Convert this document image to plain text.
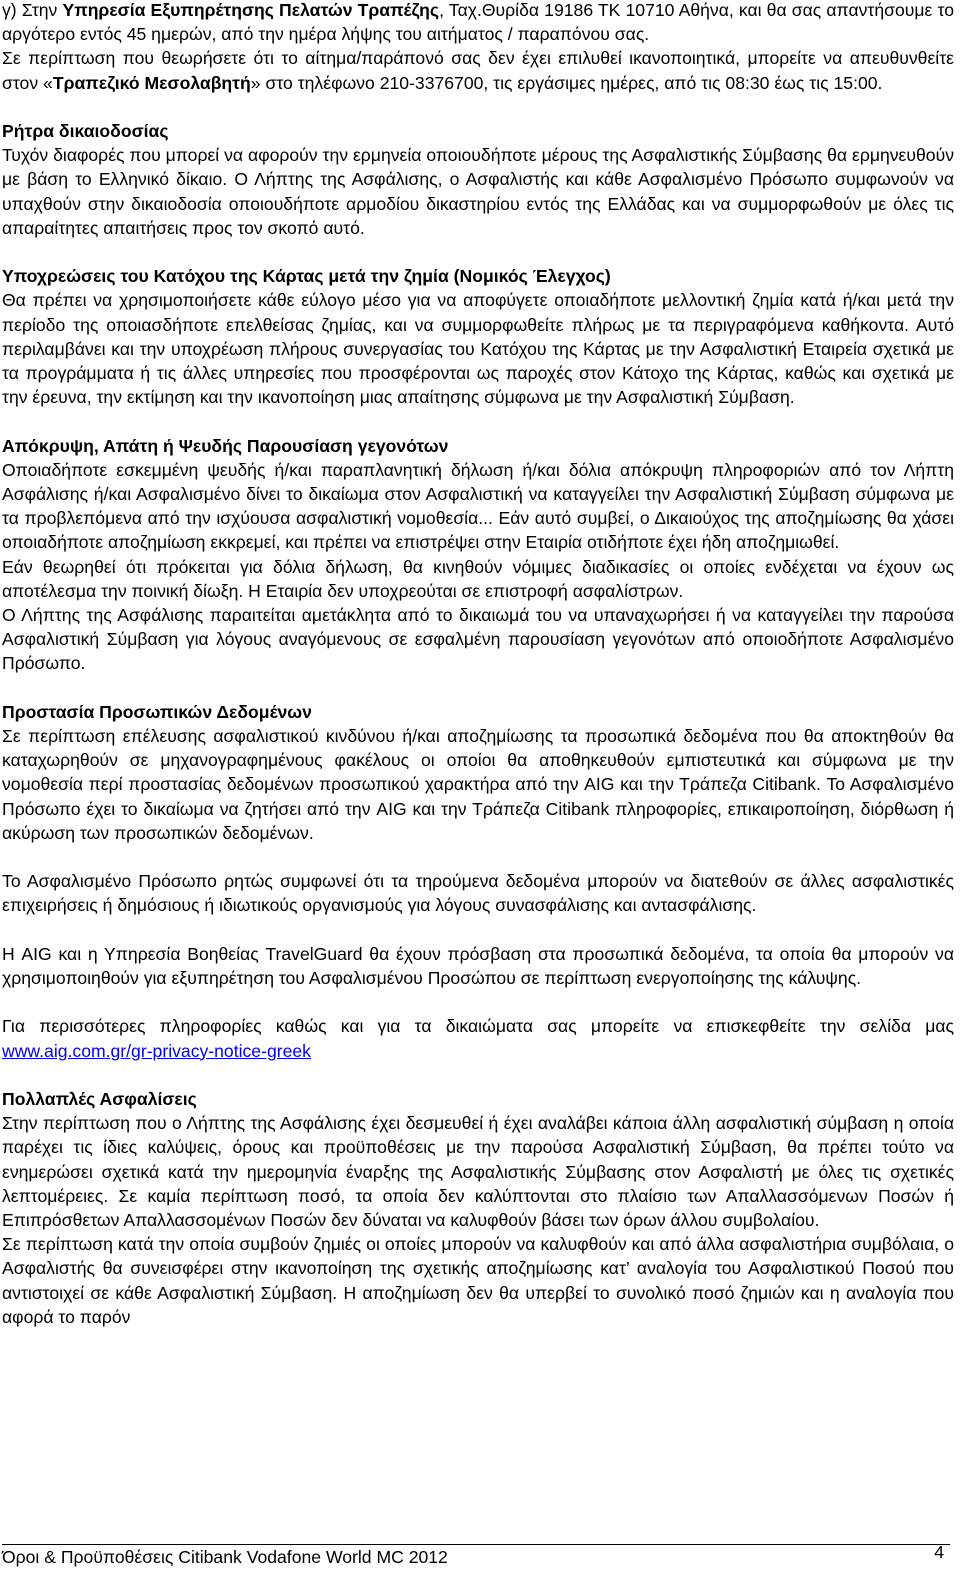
γ) Στην Υπηρεσία Εξυπηρέτησης Πελατών Τραπέζης, Ταχ.Θυρίδα 19186 ΤΚ 10710 Αθήνα, και θα σας απαντήσουμε το αργότερο εντός 45 ημερών, από την ημέρα λήψης του αιτήματος / παραπόνου σας.

Σε περίπτωση που θεωρήσετε ότι το αίτημα/παράπονό σας δεν έχει επιλυθεί ικανοποιητικά, μπορείτε να απευθυνθείτε στον «Τραπεζικό Μεσολαβητή» στο τηλέφωνο 210-3376700, τις εργάσιμες ημέρες, από τις 08:30 έως τις 15:00.

Ρήτρα δικαιοδοσίας

Τυχόν διαφορές που μπορεί να αφορούν την ερμηνεία οποιουδήποτε μέρους της Ασφαλιστικής Σύμβασης θα ερμηνευθούν με βάση το Ελληνικό δίκαιο. Ο Λήπτης της Ασφάλισης, ο Ασφαλιστής και κάθε Ασφαλισμένο Πρόσωπο συμφωνούν να υπαχθούν στην δικαιοδοσία οποιουδήποτε αρμοδίου δικαστηρίου εντός της Ελλάδας και να συμμορφωθούν με όλες τις απαραίτητες απαιτήσεις προς τον σκοπό αυτό.

Υποχρεώσεις του Κατόχου της Κάρτας μετά την ζημία (Νομικός Έλεγχος)

Θα πρέπει να χρησιμοποιήσετε κάθε εύλογο μέσο για να αποφύγετε οποιαδήποτε μελλοντική ζημία κατά ή/και μετά την περίοδο της οποιασδήποτε επελθείσας ζημίας, και να συμμορφωθείτε πλήρως με τα περιγραφόμενα καθήκοντα. Αυτό περιλαμβάνει και την υποχρέωση πλήρους συνεργασίας του Κατόχου της Κάρτας με την Ασφαλιστική Εταιρεία σχετικά με τα προγράμματα ή τις άλλες υπηρεσίες που προσφέρονται ως παροχές στον Κάτοχο της Κάρτας, καθώς και σχετικά με την έρευνα, την εκτίμηση και την ικανοποίηση μιας απαίτησης σύμφωνα με την Ασφαλιστική Σύμβαση.

Απόκρυψη, Απάτη ή Ψευδής Παρουσίαση γεγονότων

Οποιαδήποτε εσκεμμένη ψευδής ή/και παραπλανητική δήλωση ή/και δόλια απόκρυψη πληροφοριών από τον Λήπτη Ασφάλισης ή/και Ασφαλισμένο δίνει το δικαίωμα στον Ασφαλιστική να καταγγείλει την Ασφαλιστική Σύμβαση σύμφωνα με τα προβλεπόμενα από την ισχύουσα ασφαλιστική νομοθεσία... Εάν αυτό συμβεί, ο Δικαιούχος της αποζημίωσης θα χάσει οποιαδήποτε αποζημίωση εκκρεμεί, και πρέπει να επιστρέψει στην Εταιρία οτιδήποτε έχει ήδη αποζημιωθεί.

Εάν θεωρηθεί ότι πρόκειται για δόλια δήλωση, θα κινηθούν νόμιμες διαδικασίες οι οποίες ενδέχεται να έχουν ως αποτέλεσμα την ποινική δίωξη. Η Εταιρία δεν υποχρεούται σε επιστροφή ασφαλίστρων.

Ο Λήπτης της Ασφάλισης παραιτείται αμετάκλητα από το δικαιωμά του να υπαναχωρήσει ή να καταγγείλει την παρούσα Ασφαλιστική Σύμβαση για λόγους αναγόμενους σε εσφαλμένη παρουσίαση γεγονότων από οποιοδήποτε Ασφαλισμένο Πρόσωπο.

Προστασία Προσωπικών Δεδομένων

Σε περίπτωση επέλευσης ασφαλιστικού κινδύνου ή/και αποζημίωσης τα προσωπικά δεδομένα που θα αποκτηθούν θα καταχωρηθούν σε μηχανογραφημένους φακέλους οι οποίοι θα αποθηκευθούν εμπιστευτικά και σύμφωνα με την νομοθεσία περί προστασίας δεδομένων προσωπικού χαρακτήρα από την AIG και την Τράπεζα Citibank. Το Ασφαλισμένο Πρόσωπο έχει το δικαίωμα να ζητήσει από την AIG και την Τράπεζα Citibank πληροφορίες, επικαιροποίηση, διόρθωση ή ακύρωση των προσωπικών δεδομένων.

Το Ασφαλισμένο Πρόσωπο ρητώς συμφωνεί ότι τα τηρούμενα δεδομένα μπορούν να διατεθούν σε άλλες ασφαλιστικές επιχειρήσεις ή δημόσιους ή ιδιωτικούς οργανισμούς για λόγους συνασφάλισης και αντασφάλισης.

Η AIG και η Υπηρεσία Βοηθείας TravelGuard θα έχουν πρόσβαση στα προσωπικά δεδομένα, τα οποία θα μπορούν να χρησιμοποιηθούν για εξυπηρέτηση του Ασφαλισμένου Προσώπου σε περίπτωση ενεργοποίησης της κάλυψης.

Για περισσότερες πληροφορίες καθώς και για τα δικαιώματα σας μπορείτε να επισκεφθείτε την σελίδα μας www.aig.com.gr/gr-privacy-notice-greek

Πολλαπλές Ασφαλίσεις

Στην περίπτωση που ο Λήπτης της Ασφάλισης έχει δεσμευθεί ή έχει αναλάβει κάποια άλλη ασφαλιστική σύμβαση η οποία παρέχει τις ίδιες καλύψεις, όρους και προϋποθέσεις με την παρούσα Ασφαλιστική Σύμβαση, θα πρέπει τούτο να ενημερώσει σχετικά κατά την ημερομηνία έναρξης της Ασφαλιστικής Σύμβασης στον Ασφαλιστή με όλες τις σχετικές λεπτομέρειες. Σε καμία περίπτωση ποσό, τα οποία δεν καλύπτονται στο πλαίσιο των Απαλλασσόμενων Ποσών ή Επιπρόσθετων Απαλλασσομένων Ποσών δεν δύναται να καλυφθούν βάσει των όρων άλλου συμβολαίου.

Σε περίπτωση κατά την οποία συμβούν ζημιές οι οποίες μπορούν να καλυφθούν και από άλλα ασφαλιστήρια συμβόλαια, ο Ασφαλιστής θα συνεισφέρει στην ικανοποίηση της σχετικής αποζημίωσης κατ’ αναλογία του Ασφαλιστικού Ποσού που αντιστοιχεί σε κάθε Ασφαλιστική Σύμβαση. Η αποζημίωση δεν θα υπερβεί το συνολικό ποσό ζημιών και η αναλογία που αφορά το παρόν

Όροι & Προϋποθέσεις Citibank Vodafone World MC 2012	4
